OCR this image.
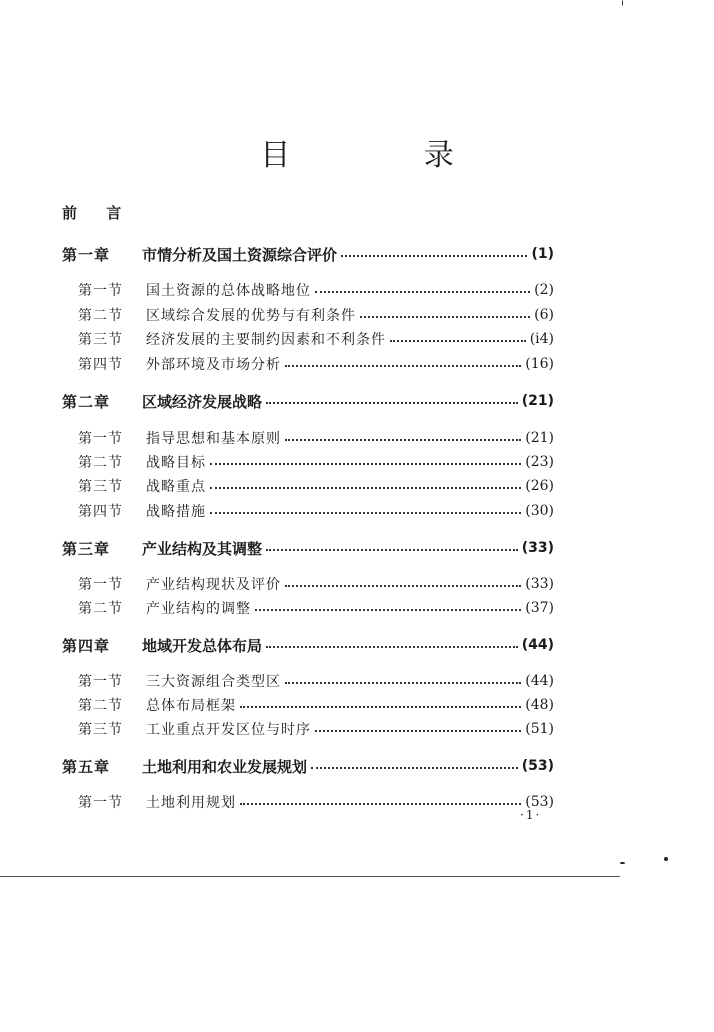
目 录
前 言
第一章	市情分析及国土资源综合评价	(1)
第一节	国土资源的总体战略地位	(2)
第二节	区域综合发展的优势与有利条件	(6)
第三节	经济发展的主要制约因素和不利条件	(i4)
第四节	外部环境及市场分析	(16)
第二章	区域经济发展战略	(21)
第一节	指导思想和基本原则	(21)
第二节	战略目标	(23)
第三节	战略重点	(26)
第四节	战略措施	(30)
第三章	产业结构及其调整	(33)
第一节	产业结构现状及评价	(33)
第二节	产业结构的调整	(37)
第四章	地域开发总体布局	(44)
第一节	三大资源组合类型区	(44)
第二节	总体布局框架	(48)
第三节	工业重点开发区位与时序	(51)
第五章	土地利用和农业发展规划	(53)
第一节	土地利用规划	(53)
·1·
